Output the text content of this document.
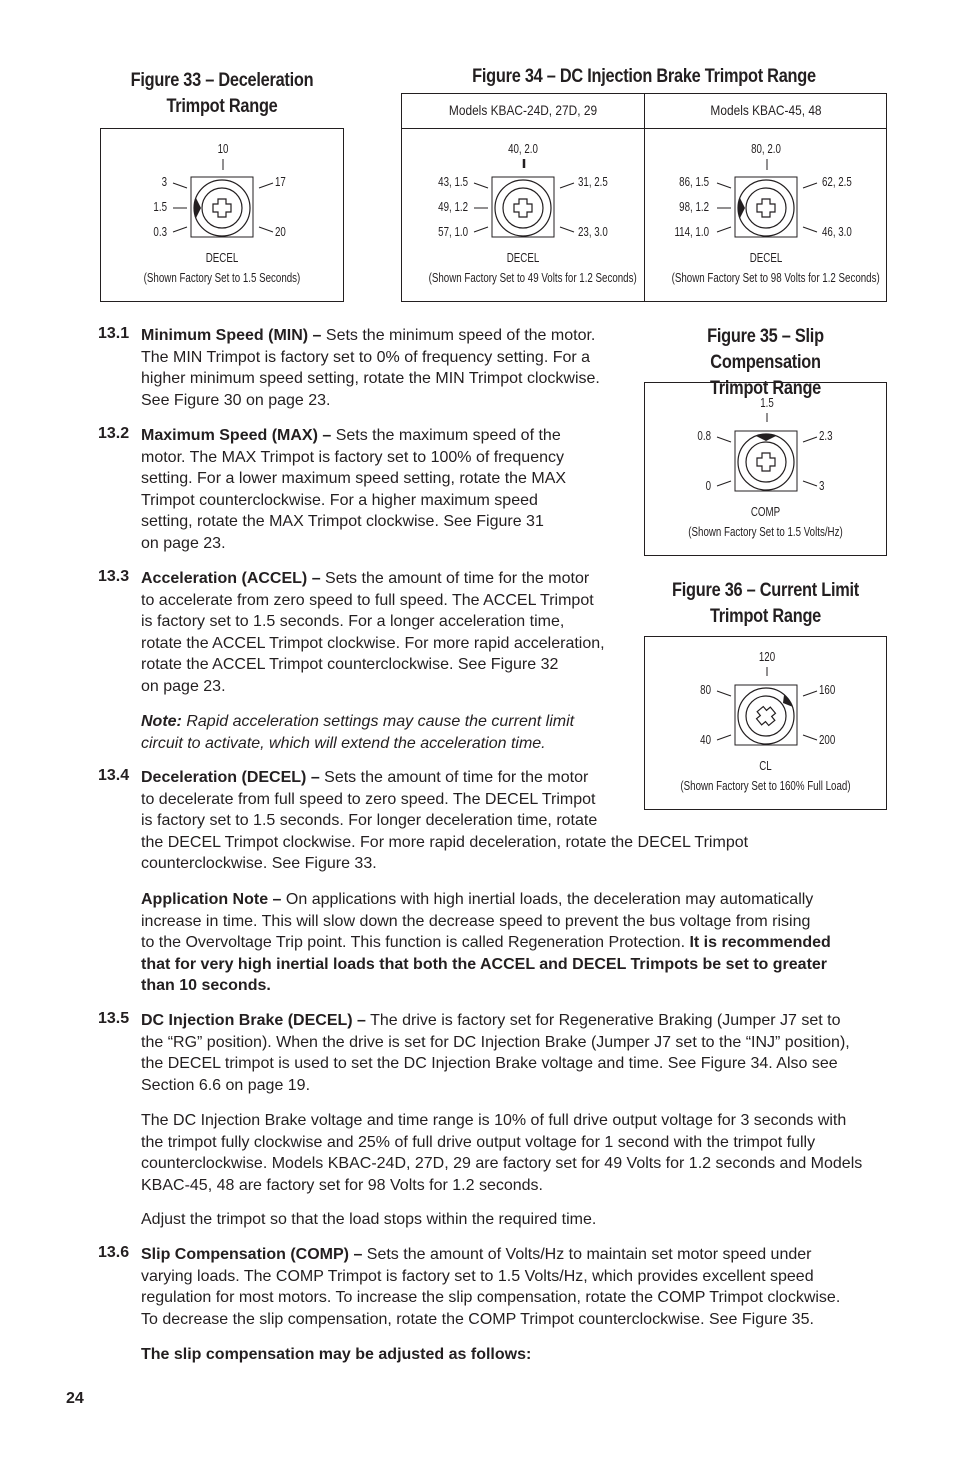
Figure 33 – Deceleration
Trimpot Range
10
3
1.5
0.3
17
20
DECEL
(Shown Factory Set to 1.5 Seconds)
Figure 34 – DC Injection Brake Trimpot Range
Models KBAC-24D, 27D, 29	Models KBAC-45, 48
40, 2.0
43, 1.5
49, 1.2
57, 1.0
31, 2.5
23, 3.0
DECEL
(Shown Factory Set to 49 Volts for 1.2 Seconds)
80, 2.0
86, 1.5
98, 1.2
114, 1.0
62, 2.5
46, 3.0
DECEL
(Shown Factory Set to 98 Volts for 1.2 Seconds)
Figure 35 – Slip Compensation
Trimpot Range
1.5
0.8
0
2.3
3
COMP
(Shown Factory Set to 1.5 Volts/Hz)
Figure 36 – Current Limit
Trimpot Range
120
80
40
160
200
CL
(Shown Factory Set to 160% Full Load)
13.1 Minimum Speed (MIN) – Sets the minimum speed of the motor.
The MIN Trimpot is factory set to 0% of frequency setting. For a
higher minimum speed setting, rotate the MIN Trimpot clockwise.
See Figure 30 on page 23.
13.2 Maximum Speed (MAX) – Sets the maximum speed of the
motor. The MAX Trimpot is factory set to 100% of frequency
setting. For a lower maximum speed setting, rotate the MAX
Trimpot counterclockwise. For a higher maximum speed
setting, rotate the MAX Trimpot clockwise. See Figure 31
on page 23.
13.3 Acceleration (ACCEL) – Sets the amount of time for the motor
to accelerate from zero speed to full speed. The ACCEL Trimpot
is factory set to 1.5 seconds. For a longer acceleration time,
rotate the ACCEL Trimpot clockwise. For more rapid acceleration,
rotate the ACCEL Trimpot counterclockwise. See Figure 32
on page 23.
Note: Rapid acceleration settings may cause the current limit
circuit to activate, which will extend the acceleration time.
13.4 Deceleration (DECEL) – Sets the amount of time for the motor
to decelerate from full speed to zero speed. The DECEL Trimpot
is factory set to 1.5 seconds. For longer deceleration time, rotate
the DECEL Trimpot clockwise. For more rapid deceleration, rotate the DECEL Trimpot
counterclockwise. See Figure 33.
Application Note – On applications with high inertial loads, the deceleration may automatically
increase in time. This will slow down the decrease speed to prevent the bus voltage from rising
to the Overvoltage Trip point. This function is called Regeneration Protection. It is recommended
that for very high inertial loads that both the ACCEL and DECEL Trimpots be set to greater
than 10 seconds.
13.5 DC Injection Brake (DECEL) – The drive is factory set for Regenerative Braking (Jumper J7 set to
the “RG” position). When the drive is set for DC Injection Brake (Jumper J7 set to the “INJ” position),
the DECEL trimpot is used to set the DC Injection Brake voltage and time. See Figure 34. Also see
Section 6.6 on page 19.
The DC Injection Brake voltage and time range is 10% of full drive output voltage for 3 seconds with
the trimpot fully clockwise and 25% of full drive output voltage for 1 second with the trimpot fully
counterclockwise. Models KBAC-24D, 27D, 29 are factory set for 49 Volts for 1.2 seconds and Models
KBAC-45, 48 are factory set for 98 Volts for 1.2 seconds.
Adjust the trimpot so that the load stops within the required time.
13.6 Slip Compensation (COMP) – Sets the amount of Volts/Hz to maintain set motor speed under
varying loads. The COMP Trimpot is factory set to 1.5 Volts/Hz, which provides excellent speed
regulation for most motors. To increase the slip compensation, rotate the COMP Trimpot clockwise.
To decrease the slip compensation, rotate the COMP Trimpot counterclockwise. See Figure 35.
The slip compensation may be adjusted as follows:
24
